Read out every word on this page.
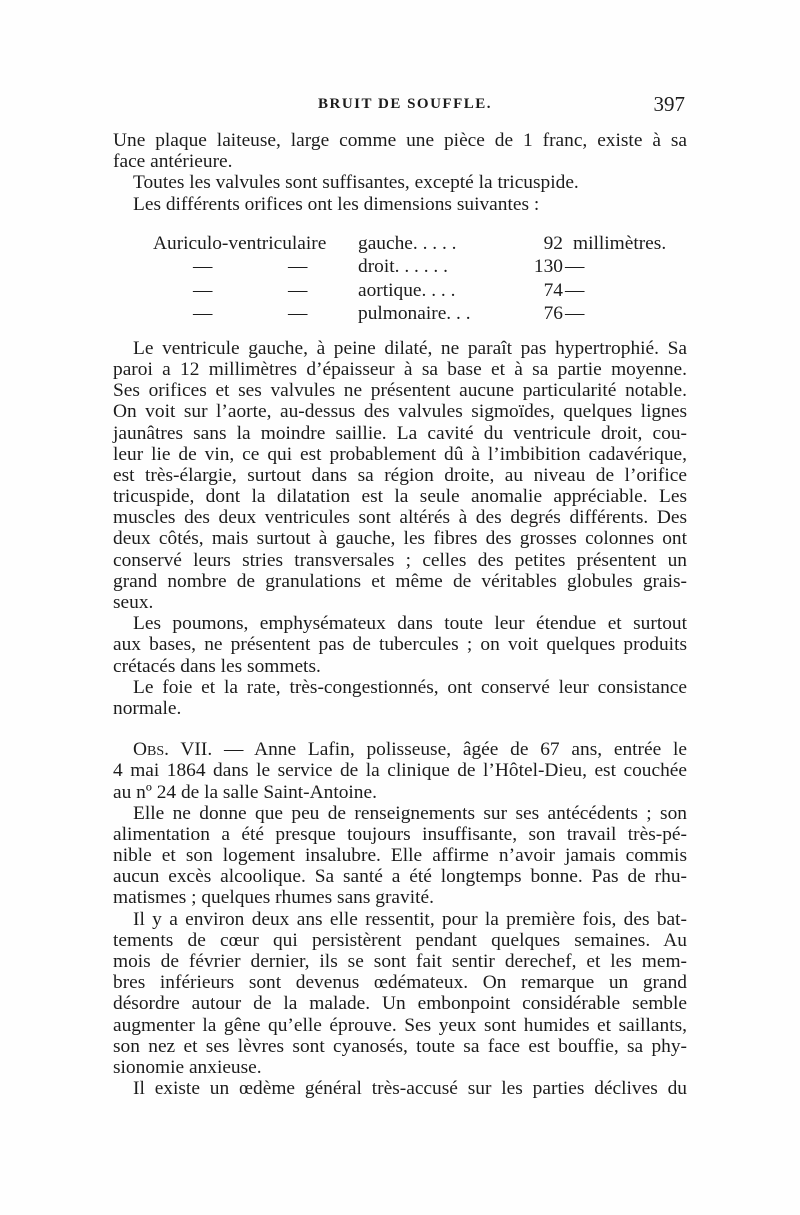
BRUIT DE SOUFFLE.	397
Une plaque laiteuse, large comme une pièce de 1 franc, existe à sa
face antérieure.
Toutes les valvules sont suffisantes, excepté la tricuspide.
Les différents orifices ont les dimensions suivantes :
Auriculo-ventriculaire gauche. . . . .	92 millimètres.
—	—	droit. . . . . .	130 —
—	—	aortique. . . .	74 —
—	—	pulmonaire. . .	76 —
Le ventricule gauche, à peine dilaté, ne paraît pas hypertrophié. Sa
paroi a 12 millimètres d’épaisseur à sa base et à sa partie moyenne.
Ses orifices et ses valvules ne présentent aucune particularité notable.
On voit sur l’aorte, au-dessus des valvules sigmoïdes, quelques lignes
jaunâtres sans la moindre saillie. La cavité du ventricule droit, cou-
leur lie de vin, ce qui est probablement dû à l’imbibition cadavérique,
est très-élargie, surtout dans sa région droite, au niveau de l’orifice
tricuspide, dont la dilatation est la seule anomalie appréciable. Les
muscles des deux ventricules sont altérés à des degrés différents. Des
deux côtés, mais surtout à gauche, les fibres des grosses colonnes ont
conservé leurs stries transversales ; celles des petites présentent un
grand nombre de granulations et même de véritables globules grais-
seux.
Les poumons, emphysémateux dans toute leur étendue et surtout
aux bases, ne présentent pas de tubercules ; on voit quelques produits
crétacés dans les sommets.
Le foie et la rate, très-congestionnés, ont conservé leur consistance
normale.
Obs. VII. — Anne Lafin, polisseuse, âgée de 67 ans, entrée le
4 mai 1864 dans le service de la clinique de l’Hôtel-Dieu, est couchée
au nº 24 de la salle Saint-Antoine.
Elle ne donne que peu de renseignements sur ses antécédents ; son
alimentation a été presque toujours insuffisante, son travail très-pé-
nible et son logement insalubre. Elle affirme n’avoir jamais commis
aucun excès alcoolique. Sa santé a été longtemps bonne. Pas de rhu-
matismes ; quelques rhumes sans gravité.
Il y a environ deux ans elle ressentit, pour la première fois, des bat-
tements de cœur qui persistèrent pendant quelques semaines. Au
mois de février dernier, ils se sont fait sentir derechef, et les mem-
bres inférieurs sont devenus œdémateux. On remarque un grand
désordre autour de la malade. Un embonpoint considérable semble
augmenter la gêne qu’elle éprouve. Ses yeux sont humides et saillants,
son nez et ses lèvres sont cyanosés, toute sa face est bouffie, sa phy-
sionomie anxieuse.
Il existe un œdème général très-accusé sur les parties déclives du
